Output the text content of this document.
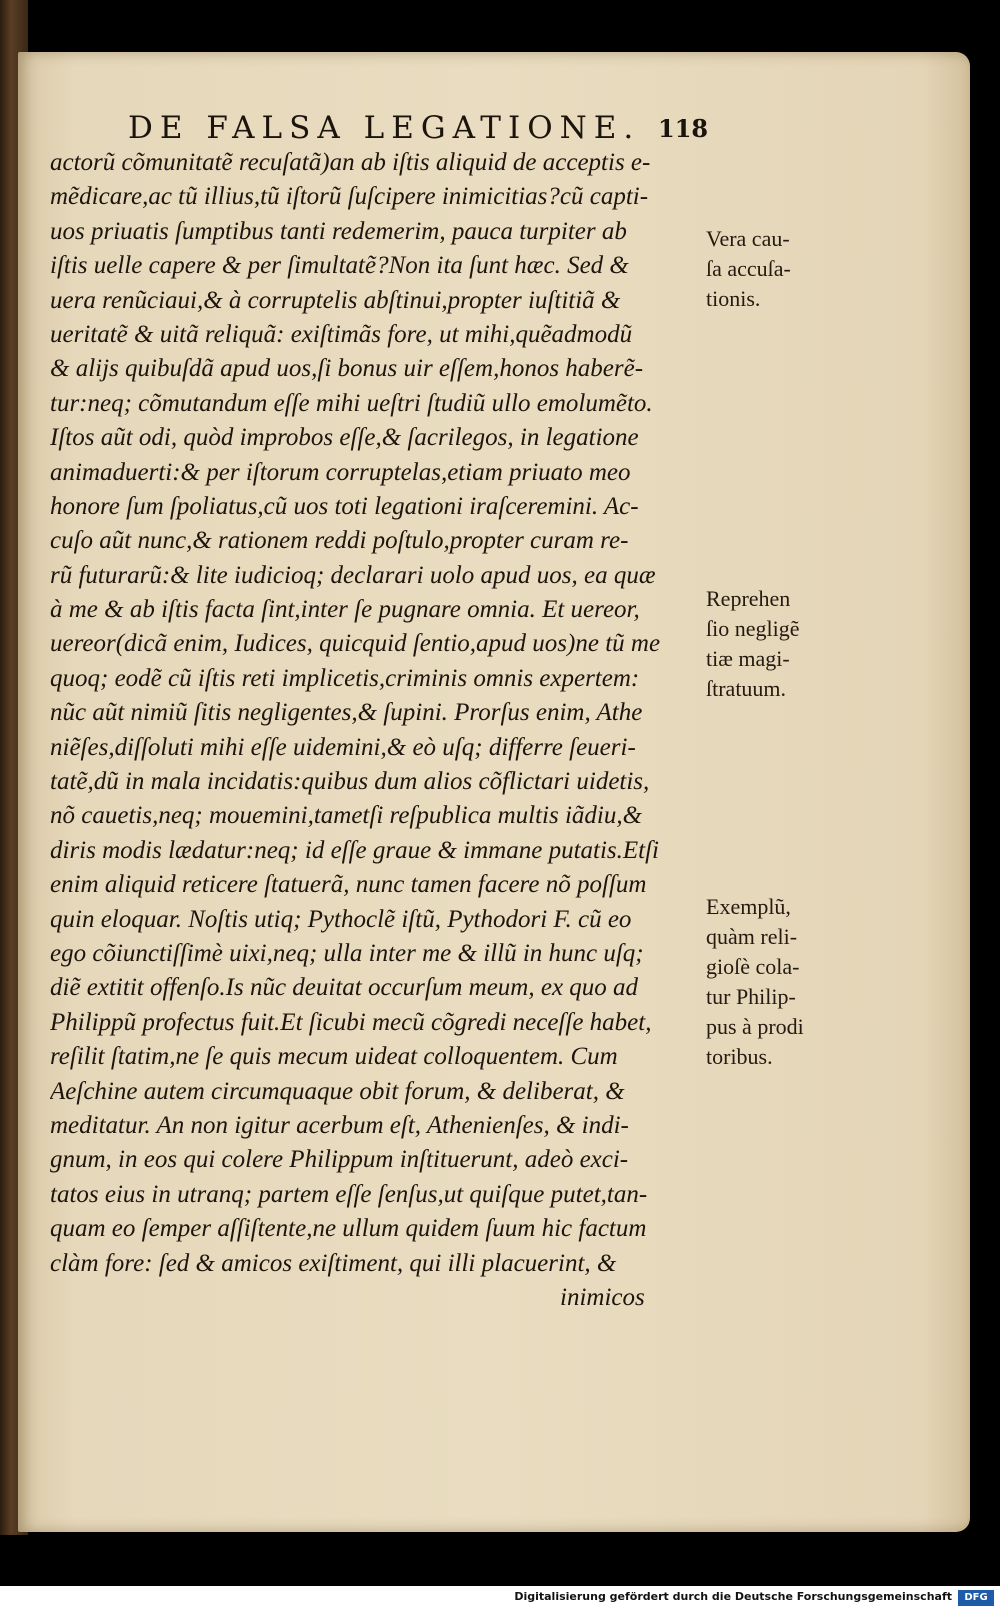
DE FALSA LEGATIONE. 118
actorũ cõmunitatẽ recuſatã)an ab iſtis aliquid de acceptis e-
mẽdicare,ac tũ illius,tũ iſtorũ ſuſcipere inimicitias?cũ capti-
uos priuatis ſumptibus tanti redemerim, pauca turpiter ab
iſtis uelle capere & per ſimultatẽ?Non ita ſunt hæc. Sed &
uera renũciaui,& à corruptelis abſtinui,propter iuſtitiã &
ueritatẽ & uitã reliquã: exiſtimãs fore, ut mihi,quẽadmodũ
& alijs quibuſdã apud uos,ſi bonus uir eſſem,honos haberẽ-
tur:neq; cõmutandum eſſe mihi ueſtri ſtudiũ ullo emolumẽto.
Iſtos aũt odi, quòd improbos eſſe,& ſacrilegos, in legatione
animaduerti:& per iſtorum corruptelas,etiam priuato meo
honore ſum ſpoliatus,cũ uos toti legationi iraſceremini. Ac-
cuſo aũt nunc,& rationem reddi poſtulo,propter curam re-
rũ futurarũ:& lite iudicioq; declarari uolo apud uos, ea quæ
à me & ab iſtis facta ſint,inter ſe pugnare omnia. Et uereor,
uereor(dicã enim, Iudices, quicquid ſentio,apud uos)ne tũ me
quoq; eodẽ cũ iſtis reti implicetis,criminis omnis expertem:
nũc aũt nimiũ ſitis negligentes,& ſupini. Prorſus enim, Athe
niẽſes,diſſoluti mihi eſſe uidemini,& eò uſq; differre ſeueri-
tatẽ,dũ in mala incidatis:quibus dum alios cõflictari uidetis,
nõ cauetis,neq; mouemini,tametſi reſpublica multis iãdiu,&
diris modis lædatur:neq; id eſſe graue & immane putatis.Etſi
enim aliquid reticere ſtatuerã, nunc tamen facere nõ poſſum
quin eloquar. Noſtis utiq; Pythoclẽ iſtũ, Pythodori F. cũ eo
ego cõiunctiſſimè uixi,neq; ulla inter me & illũ in hunc uſq;
diẽ extitit offenſo.Is nũc deuitat occurſum meum, ex quo ad
Philippũ profectus fuit.Et ſicubi mecũ cõgredi neceſſe habet,
reſilit ſtatim,ne ſe quis mecum uideat colloquentem. Cum
Aeſchine autem circumquaque obit forum, & deliberat, &
meditatur. An non igitur acerbum eſt, Athenienſes, & indi-
gnum, in eos qui colere Philippum inſtituerunt, adeò exci-
tatos eius in utranq; partem eſſe ſenſus,ut quiſque putet,tan-
quam eo ſemper aſſiſtente,ne ullum quidem ſuum hic factum
clàm fore: ſed & amicos exiſtiment, qui illi placuerint, &
inimicos
Vera cau-
ſa accuſa-
tionis.
Reprehen
ſio negligẽ
tiæ magi-
ſtratuum.
Exemplũ,
quàm reli-
gioſè cola-
tur Philip-
pus à prodi
toribus.
Digitalisierung gefördert durch die Deutsche Forschungsgemeinschaft	DFG
